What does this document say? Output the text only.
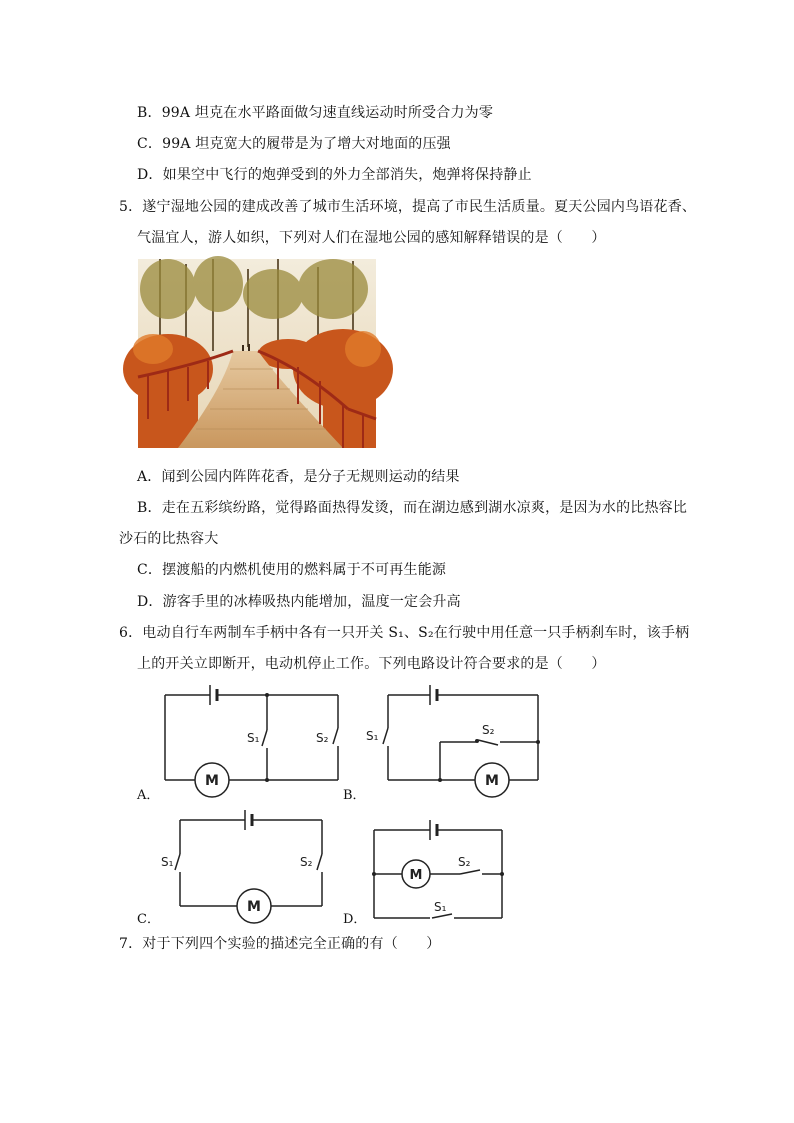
B．99A 坦克在水平路面做匀速直线运动时所受合力为零
C．99A 坦克宽大的履带是为了增大对地面的压强
D．如果空中飞行的炮弹受到的外力全部消失，炮弹将保持静止
5．遂宁湿地公园的建成改善了城市生活环境，提高了市民生活质量。夏天公园内鸟语花香、
气温宜人，游人如织，下列对人们在湿地公园的感知解释错误的是（　　）
A．闻到公园内阵阵花香，是分子无规则运动的结果
B．走在五彩缤纷路，觉得路面热得发烫，而在湖边感到湖水凉爽，是因为水的比热容比
沙石的比热容大
C．摆渡船的内燃机使用的燃料属于不可再生能源
D．游客手里的冰棒吸热内能增加，温度一定会升高
6．电动自行车两制车手柄中各有一只开关 S₁、S₂在行驶中用任意一只手柄刹车时，该手柄
上的开关立即断开，电动机停止工作。下列电路设计符合要求的是（　　）
M
S₁	S₂
A．
M
S₁	S₂
B．
M
S₁	S₂
C．
M
S₂
S₁
D．
7．对于下列四个实验的描述完全正确的有（　　）
